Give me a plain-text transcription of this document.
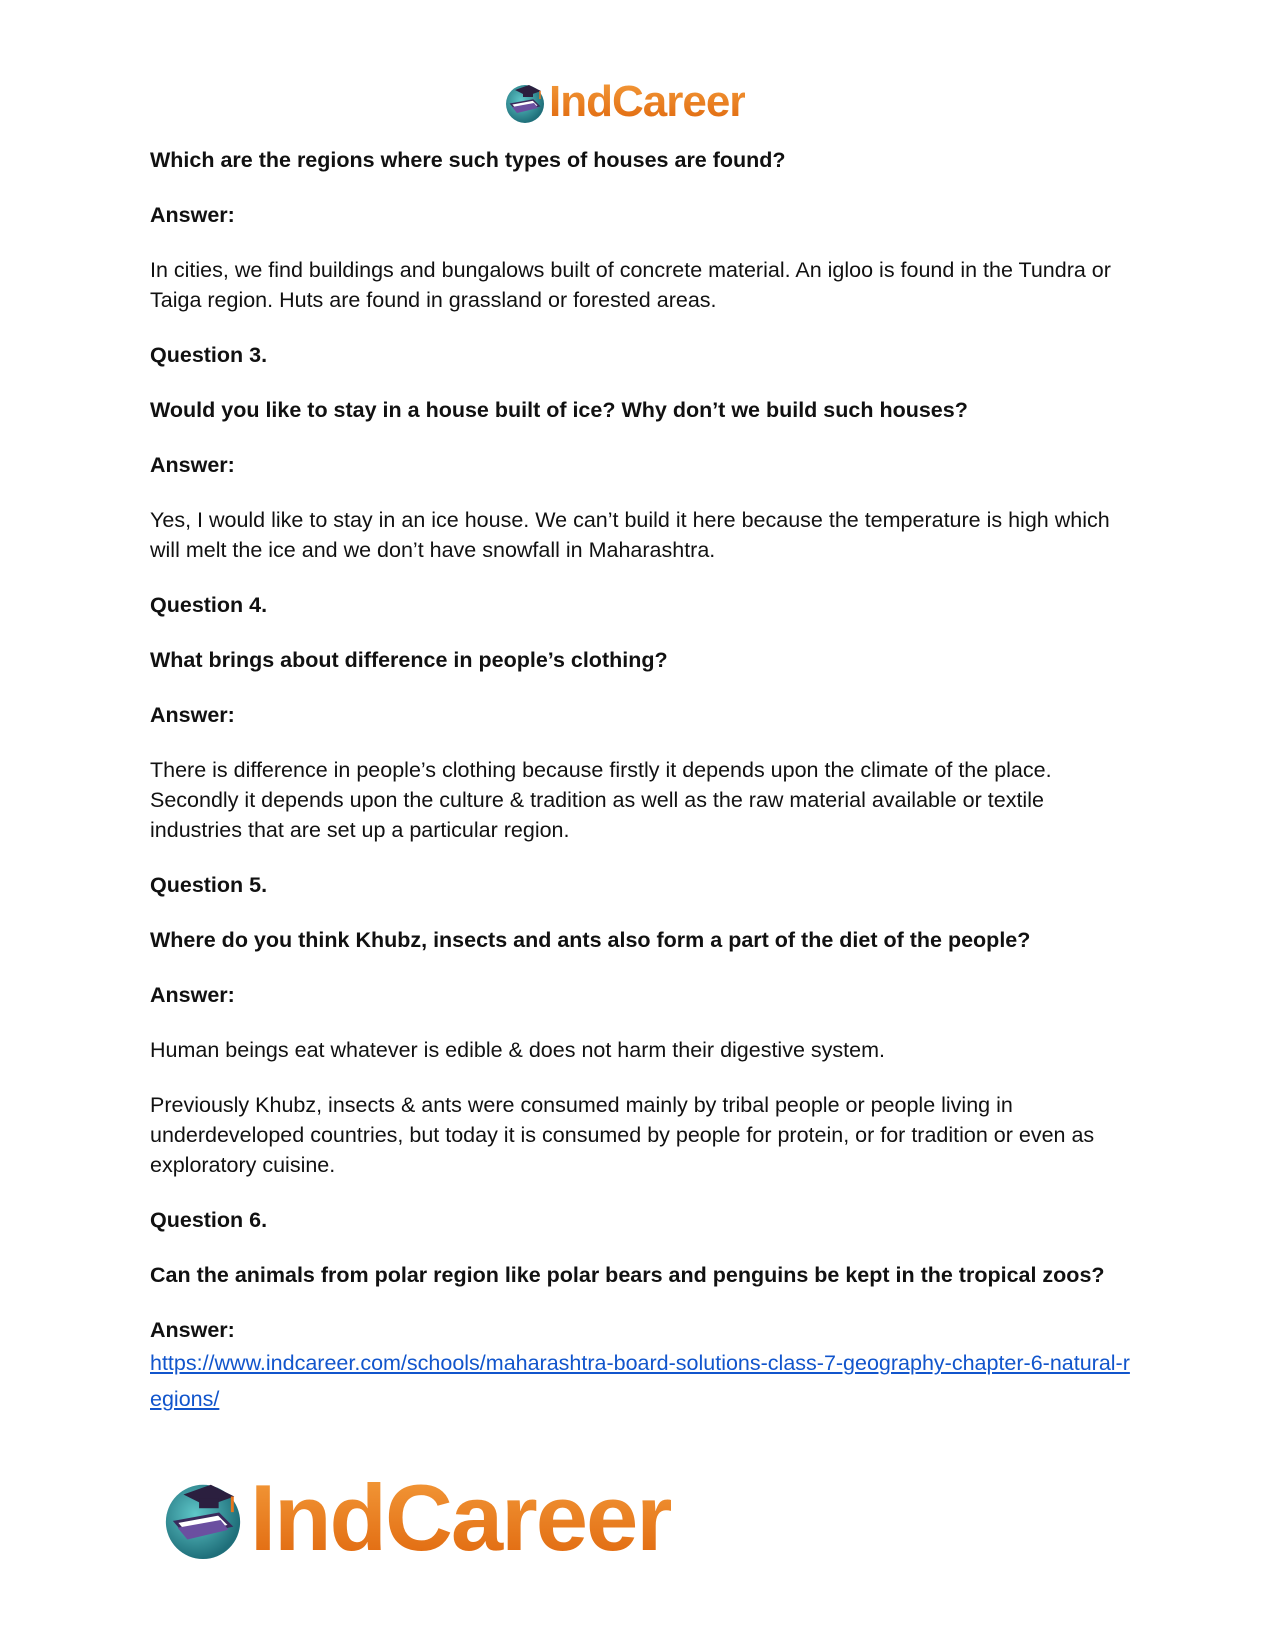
IndCareer

Which are the regions where such types of houses are found?

Answer:

In cities, we find buildings and bungalows built of concrete material. An igloo is found in the Tundra or Taiga region. Huts are found in grassland or forested areas.

Question 3.

Would you like to stay in a house built of ice? Why don’t we build such houses?

Answer:

Yes, I would like to stay in an ice house. We can’t build it here because the temperature is high which will melt the ice and we don’t have snowfall in Maharashtra.

Question 4.

What brings about difference in people’s clothing?

Answer:

There is difference in people’s clothing because firstly it depends upon the climate of the place. Secondly it depends upon the culture & tradition as well as the raw material available or textile industries that are set up a particular region.

Question 5.

Where do you think Khubz, insects and ants also form a part of the diet of the people?

Answer:

Human beings eat whatever is edible & does not harm their digestive system.

Previously Khubz, insects & ants were consumed mainly by tribal people or people living in underdeveloped countries, but today it is consumed by people for protein, or for tradition or even as exploratory cuisine.

Question 6.

Can the animals from polar region like polar bears and penguins be kept in the tropical zoos?

Answer:

https://www.indcareer.com/schools/maharashtra-board-solutions-class-7-geography-chapter-6-natural-regions/
IndCareer
